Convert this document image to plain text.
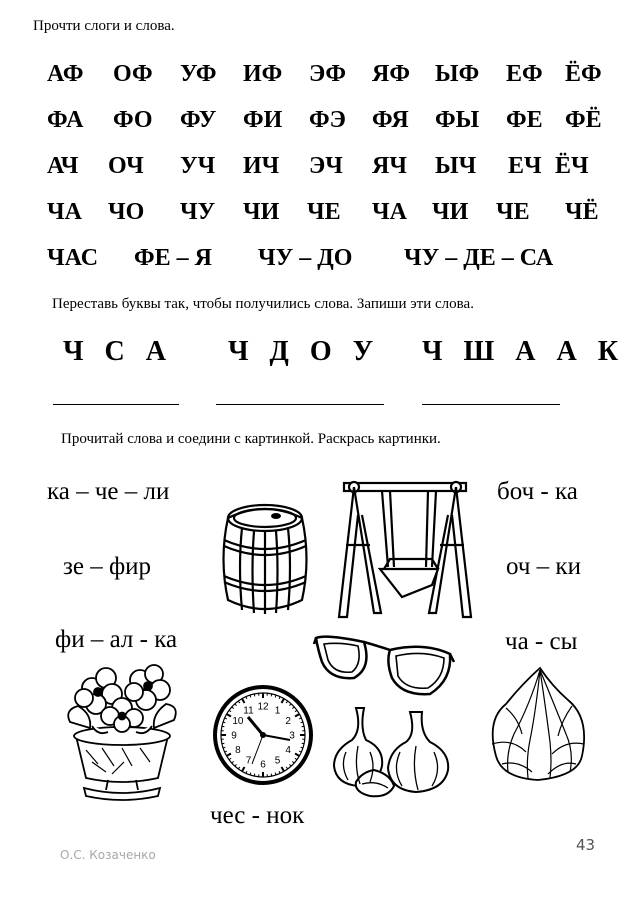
Прочти слоги и слова.
АФ ОФ УФ ИФ ЭФ ЯФ ЫФ ЕФ ЁФ
ФА ФО ФУ ФИ ФЭ ФЯ ФЫ ФЕ ФЁ
АЧ ОЧ УЧ ИЧ ЭЧ ЯЧ ЫЧ ЕЧ ЁЧ
ЧА ЧО ЧУ ЧИ ЧЕ ЧА ЧИ ЧЕ ЧЁ
ЧАС ФЕ – Я ЧУ – ДО ЧУ – ДЕ – СА
Переставь буквы так, чтобы получились слова. Запиши эти слова.
Ч С А Ч Д О У Ч Ш А А К
Прочитай слова и соедини с картинкой. Раскрась картинки.
ка – че – ли
зе – фир
фи – ал - ка
боч - ка
оч – ки
ча - сы
чес - нок
12 1
2
3
4
5
6
7
8
9
10
11
О.С. Козаченко
43
